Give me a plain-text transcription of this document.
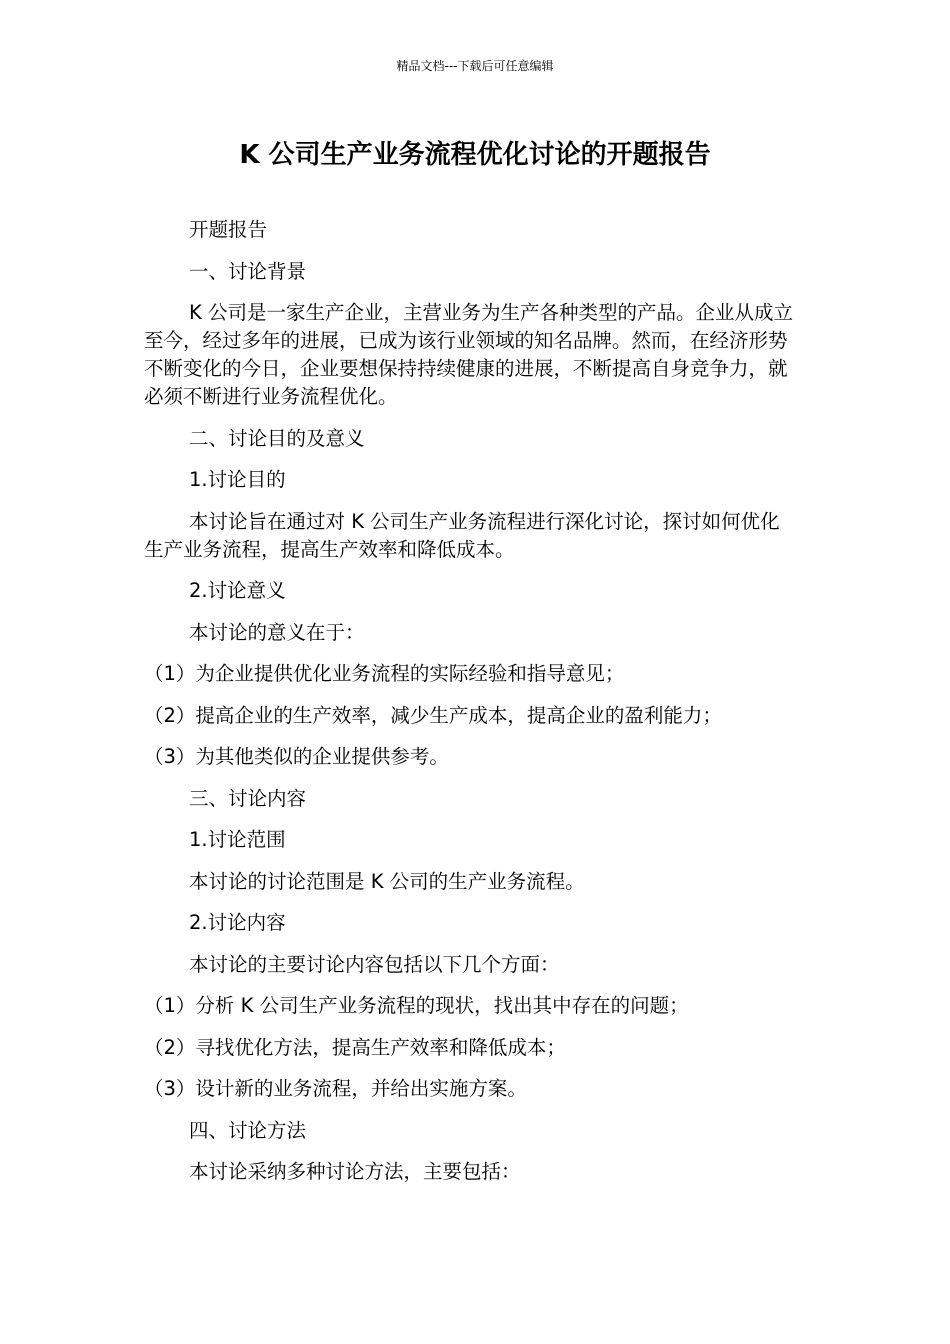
精品文档---下载后可任意编辑
K 公司生产业务流程优化讨论的开题报告

开题报告

一、讨论背景

K 公司是一家生产企业，主营业务为生产各种类型的产品。企业从成立至今，经过多年的进展，已成为该行业领域的知名品牌。然而，在经济形势不断变化的今日，企业要想保持持续健康的进展，不断提高自身竞争力，就必须不断进行业务流程优化。

二、讨论目的及意义

1.讨论目的

本讨论旨在通过对 K 公司生产业务流程进行深化讨论，探讨如何优化生产业务流程，提高生产效率和降低成本。

2.讨论意义

本讨论的意义在于：

（1）为企业提供优化业务流程的实际经验和指导意见；

（2）提高企业的生产效率，减少生产成本，提高企业的盈利能力；

（3）为其他类似的企业提供参考。

三、讨论内容

1.讨论范围

本讨论的讨论范围是 K 公司的生产业务流程。

2.讨论内容

本讨论的主要讨论内容包括以下几个方面：

（1）分析 K 公司生产业务流程的现状，找出其中存在的问题；

（2）寻找优化方法，提高生产效率和降低成本；

（3）设计新的业务流程，并给出实施方案。

四、讨论方法

本讨论采纳多种讨论方法，主要包括：
